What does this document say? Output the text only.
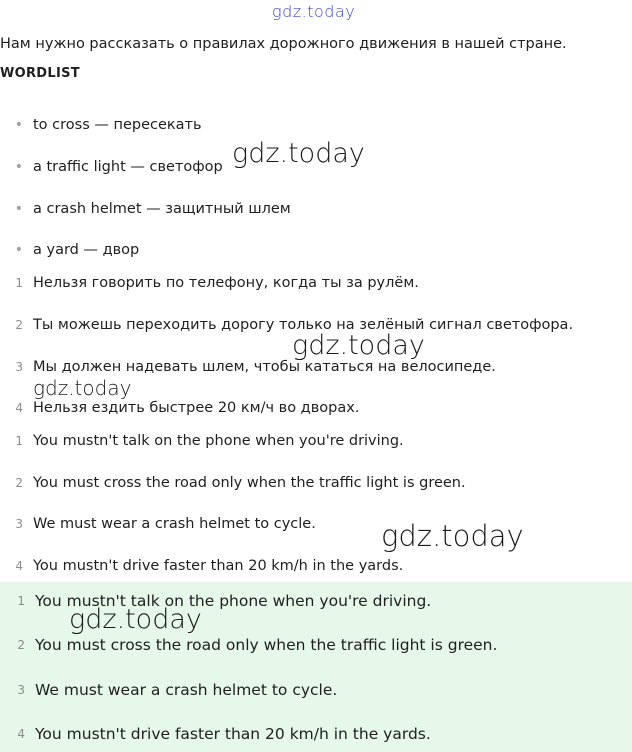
gdz.today
Нам нужно рассказать о правилах дорожного движения в нашей стране.
WORDLIST
• to cross — пересекать
• a traffic light — светофор
• a crash helmet — защитный шлем
• a yard — двор
1 Нельзя говорить по телефону, когда ты за рулём.
2 Ты можешь переходить дорогу только на зелёный сигнал светофора.
3 Мы должен надевать шлем, чтобы кататься на велосипеде.
4 Нельзя ездить быстрее 20 км/ч во дворах.
1 You mustn't talk on the phone when you're driving.
2 You must cross the road only when the traffic light is green.
3 We must wear a crash helmet to cycle.
4 You mustn't drive faster than 20 km/h in the yards.
1 You mustn't talk on the phone when you're driving.
2 You must cross the road only when the traffic light is green.
3 We must wear a crash helmet to cycle.
4 You mustn't drive faster than 20 km/h in the yards.
gdz.today
gdz.today
gdz.today
gdz.today
gdz.today
